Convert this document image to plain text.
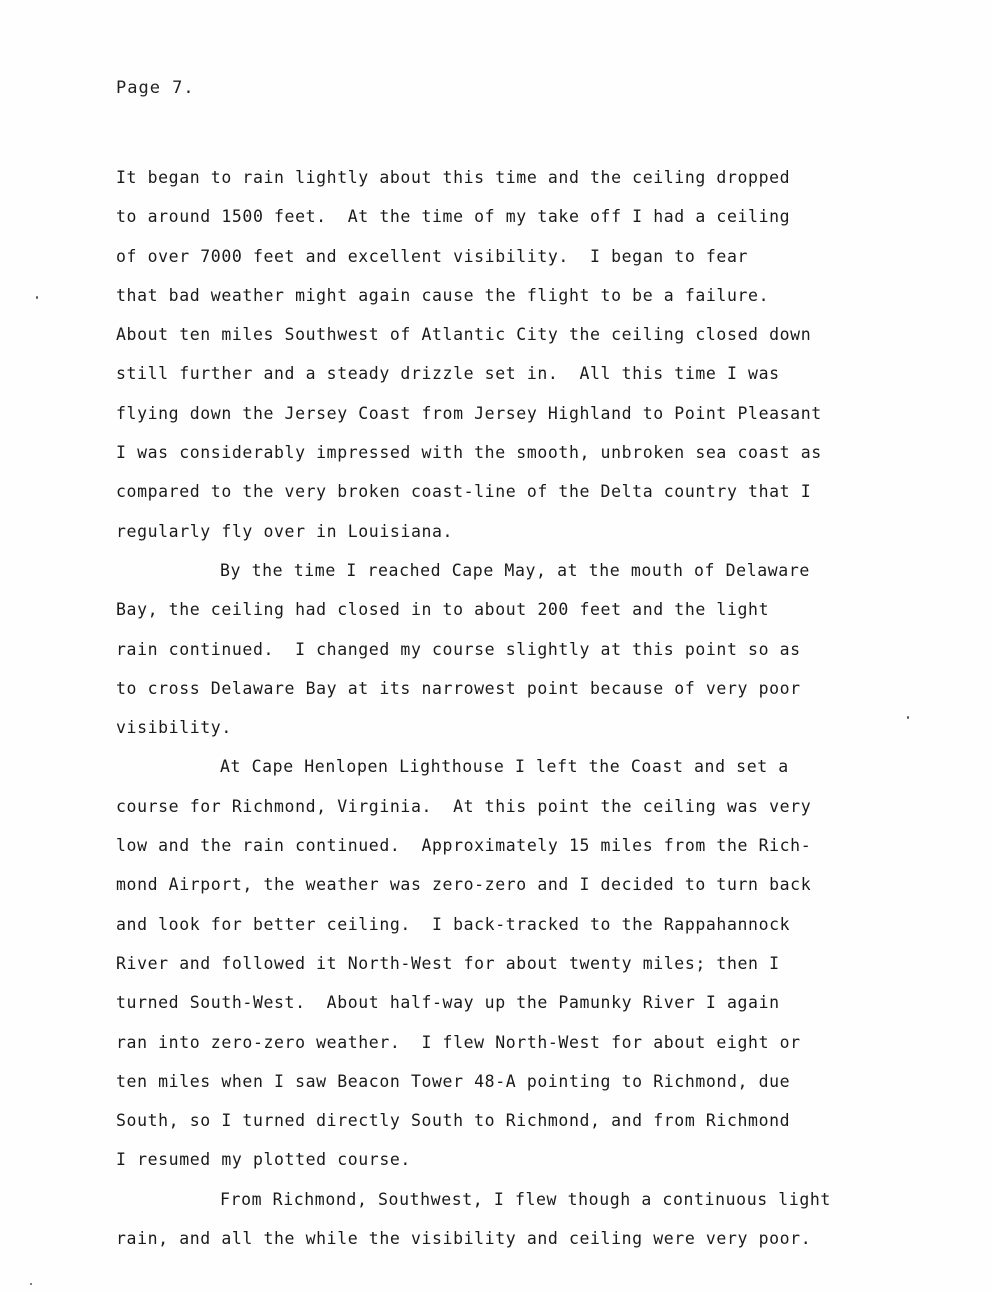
Page 7.
It began to rain lightly about this time and the ceiling dropped
to around 1500 feet.  At the time of my take off I had a ceiling
of over 7000 feet and excellent visibility.  I began to fear
that bad weather might again cause the flight to be a failure.
About ten miles Southwest of Atlantic City the ceiling closed down
still further and a steady drizzle set in.  All this time I was
flying down the Jersey Coast from Jersey Highland to Point Pleasant
I was considerably impressed with the smooth, unbroken sea coast as
compared to the very broken coast-line of the Delta country that I
regularly fly over in Louisiana.
By the time I reached Cape May, at the mouth of Delaware
Bay, the ceiling had closed in to about 200 feet and the light
rain continued.  I changed my course slightly at this point so as
to cross Delaware Bay at its narrowest point because of very poor
visibility.
At Cape Henlopen Lighthouse I left the Coast and set a
course for Richmond, Virginia.  At this point the ceiling was very
low and the rain continued.  Approximately 15 miles from the Rich-
mond Airport, the weather was zero-zero and I decided to turn back
and look for better ceiling.  I back-tracked to the Rappahannock
River and followed it North-West for about twenty miles; then I
turned South-West.  About half-way up the Pamunky River I again
ran into zero-zero weather.  I flew North-West for about eight or
ten miles when I saw Beacon Tower 48-A pointing to Richmond, due
South, so I turned directly South to Richmond, and from Richmond
I resumed my plotted course.
From Richmond, Southwest, I flew though a continuous light
rain, and all the while the visibility and ceiling were very poor.
